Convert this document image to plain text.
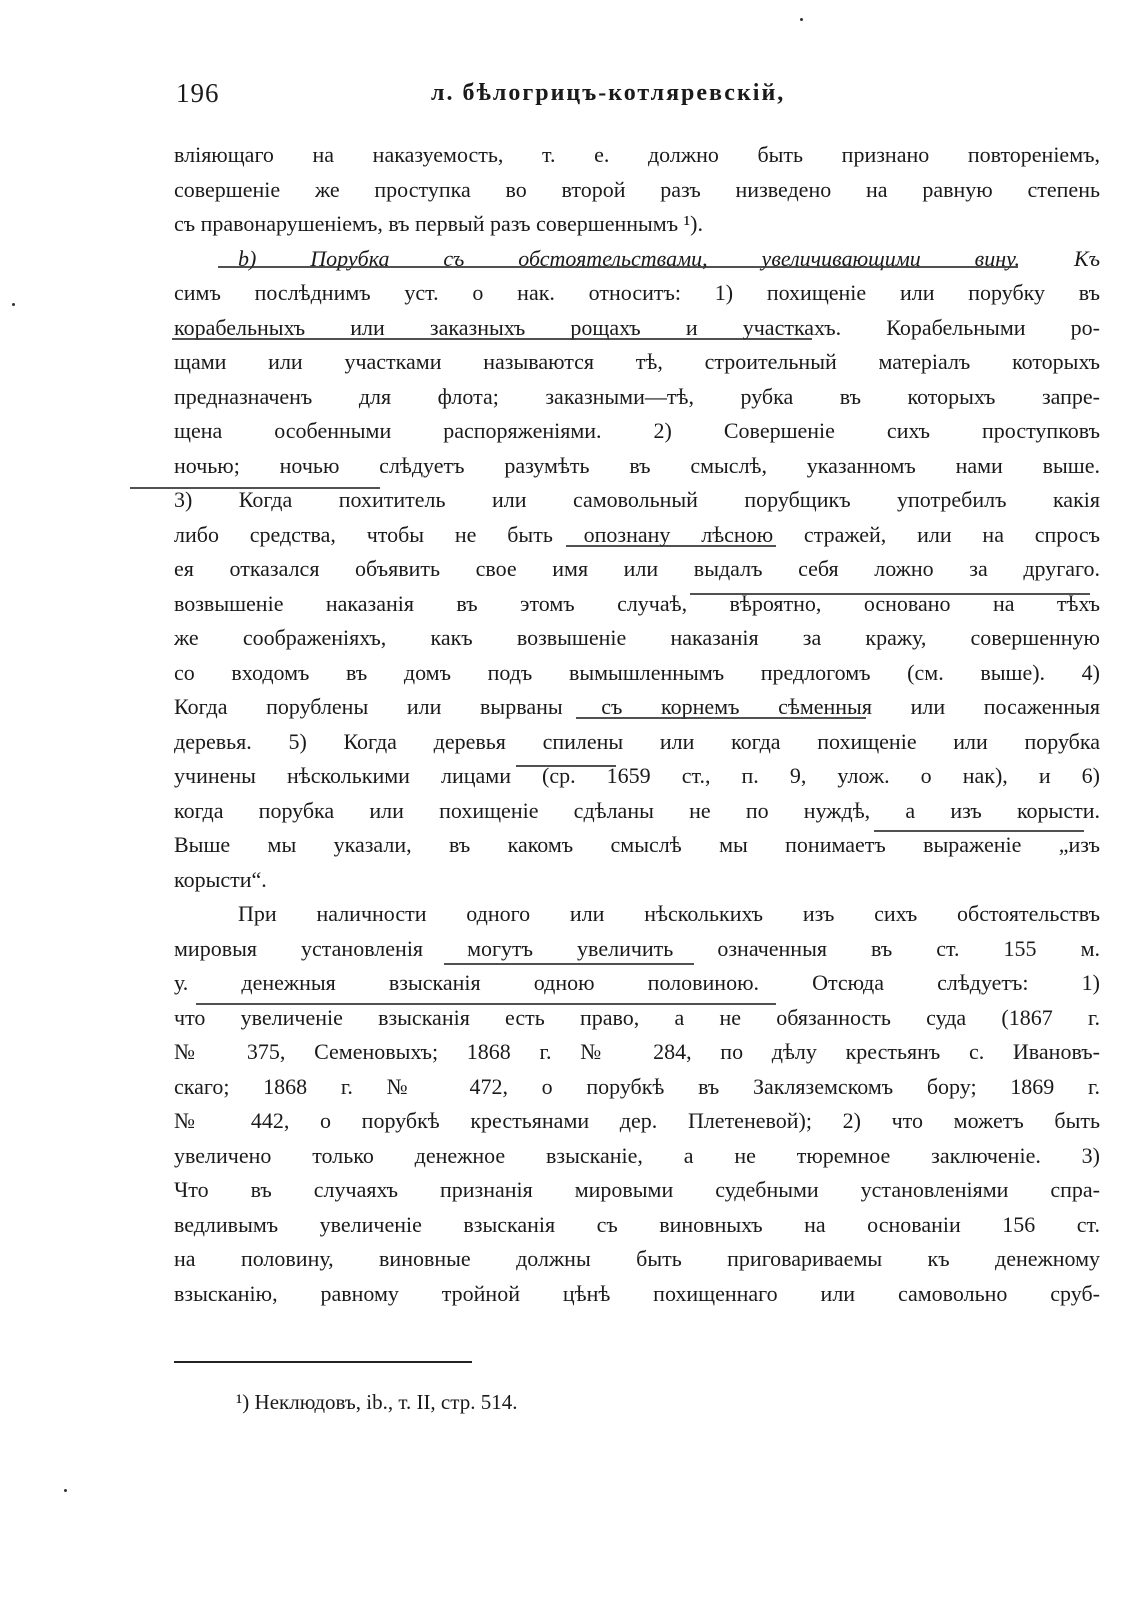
196	л. бѣлогрицъ-котляревскій,
вліяющаго на наказуемость, т. е. должно быть признано повтореніемъ,
совершеніе же проступка во второй разъ низведено на равную степень
съ правонарушеніемъ, въ первый разъ совершеннымъ ¹).
b) Порубка съ обстоятельствами, увеличивающими вину. Къ
симъ послѣднимъ уст. о нак. относитъ: 1) похищеніе или порубку въ
корабельныхъ или заказныхъ рощахъ и участкахъ. Корабельными ро-
щами или участками называются тѣ, строительный матеріалъ которыхъ
предназначенъ для флота; заказными—тѣ, рубка въ которыхъ запре-
щена особенными распоряженіями. 2) Совершеніе сихъ проступковъ
ночью; ночью слѣдуетъ разумѣть въ смыслѣ, указанномъ нами выше.
3) Когда похититель или самовольный порубщикъ употребилъ какія
либо средства, чтобы не быть опознану лѣсною стражей, или на спросъ
ея отказался объявить свое имя или выдалъ себя ложно за другаго.
возвышеніе наказанія въ этомъ случаѣ, вѣроятно, основано на тѣхъ
же соображеніяхъ, какъ возвышеніе наказанія за кражу, совершенную
со входомъ въ домъ подъ вымышленнымъ предлогомъ (см. выше). 4)
Когда порублены или вырваны съ корнемъ сѣменныя или посаженныя
деревья. 5) Когда деревья спилены или когда похищеніе или порубка
учинены нѣсколькими лицами (ср. 1659 ст., п. 9, улож. о нак), и 6)
когда порубка или похищеніе сдѣланы не по нуждѣ, а изъ корысти.
Выше мы указали, въ какомъ смыслѣ мы понимаетъ выраженіе „изъ
корысти“.
При наличности одного или нѣсколькихъ изъ сихъ обстоятельствъ
мировыя установленія могутъ увеличить означенныя въ ст. 155 м.
у. денежныя взысканія одною половиною. Отсюда слѣдуетъ: 1)
что увеличеніе взысканія есть право, а не обязанность суда (1867 г.
№ 375, Семеновыхъ; 1868 г. № 284, по дѣлу крестьянъ с. Ивановъ-
скаго; 1868 г. № 472, о порубкѣ въ Закляземскомъ бору; 1869 г.
№ 442, о порубкѣ крестьянами дер. Плетеневой); 2) что можетъ быть
увеличено только денежное взысканіе, а не тюремное заключеніе. 3)
Что въ случаяхъ признанія мировыми судебными установленіями спра-
ведливымъ увеличеніе взысканія съ виновныхъ на основаніи 156 ст.
на половину, виновные должны быть приговариваемы къ денежному
взысканію, равному тройной цѣнѣ похищеннаго или самовольно сруб-
¹) Неклюдовъ, ib., т. II, стр. 514.
